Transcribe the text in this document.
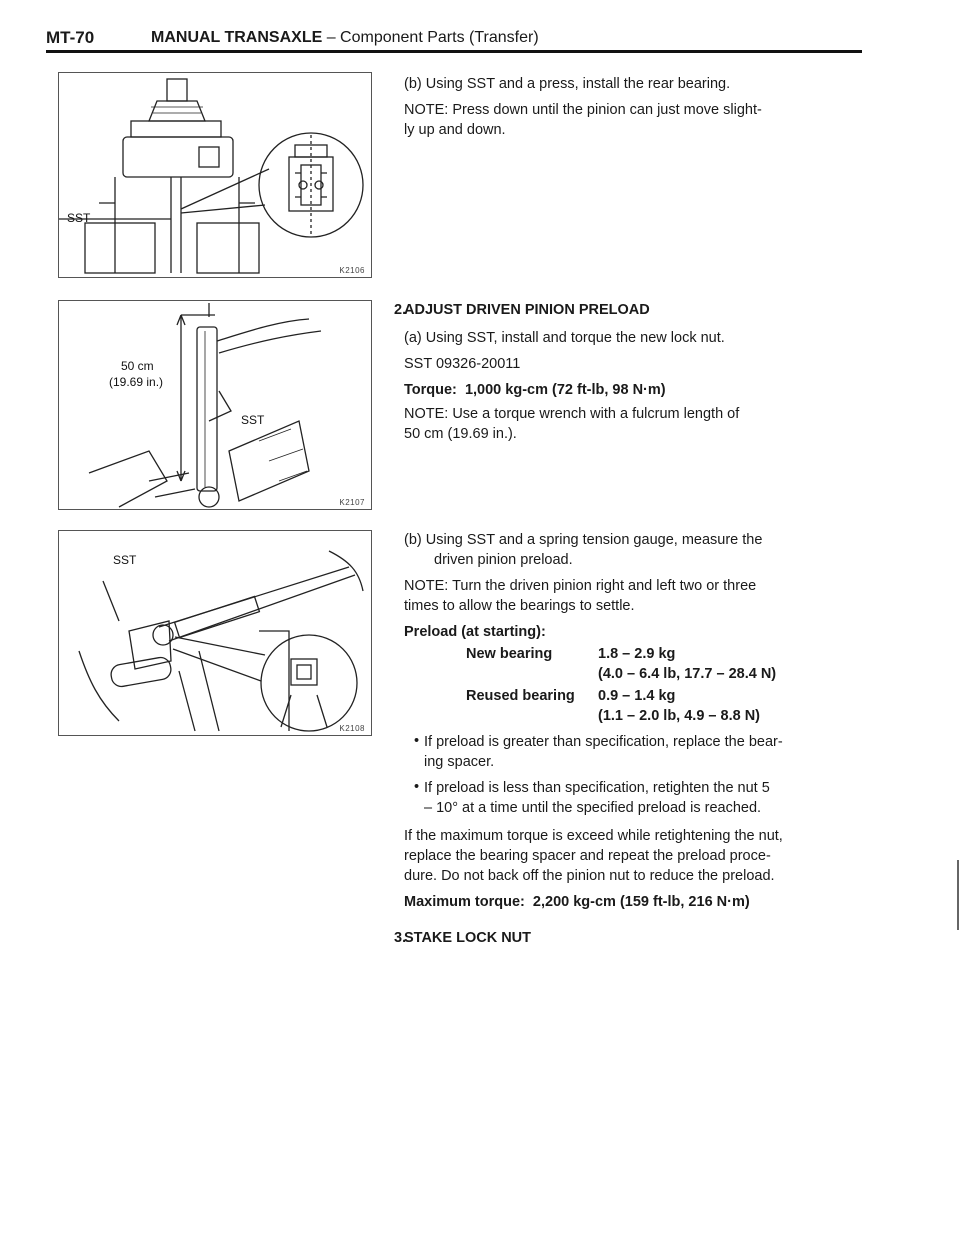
MT-70	MANUAL TRANSAXLE – Component Parts (Transfer)
SST
K2106
50 cm
(19.69 in.)
SST
K2107
SST
K2108
(b) Using SST and a press, install the rear bearing.
NOTE: Press down until the pinion can just move slight-
ly up and down.
2.
ADJUST DRIVEN PINION PRELOAD
(a) Using SST, install and torque the new lock nut.
SST 09326-20011
Torque: 1,000 kg-cm (72 ft-lb, 98 N·m)
NOTE: Use a torque wrench with a fulcrum length of
50 cm (19.69 in.).
(b) Using SST and a spring tension gauge, measure the
driven pinion preload.
NOTE: Turn the driven pinion right and left two or three
times to allow the bearings to settle.
Preload (at starting):
New bearing	1.8 – 2.9 kg
(4.0 – 6.4 lb, 17.7 – 28.4 N)
Reused bearing 0.9 – 1.4 kg
(1.1 – 2.0 lb, 4.9 – 8.8 N)
• If preload is greater than specification, replace the bear-
ing spacer.
• If preload is less than specification, retighten the nut 5
– 10° at a time until the specified preload is reached.
If the maximum torque is exceed while retightening the nut,
replace the bearing spacer and repeat the preload proce-
dure. Do not back off the pinion nut to reduce the preload.
Maximum torque: 2,200 kg-cm (159 ft-lb, 216 N·m)
3.
STAKE LOCK NUT
